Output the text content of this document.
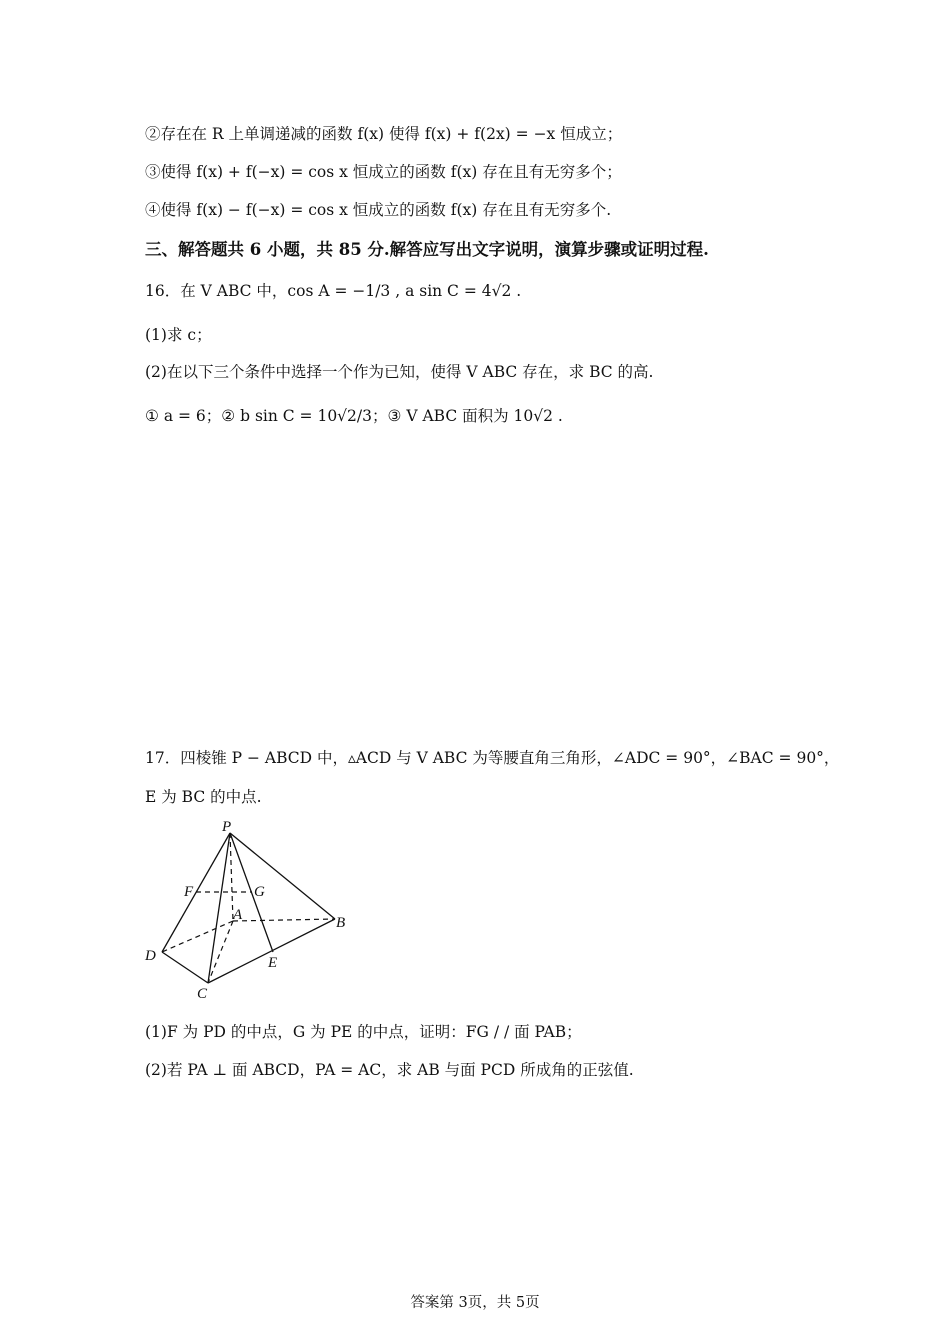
②存在在 R 上单调递减的函数 f(x) 使得 f(x) + f(2x) = −x 恒成立；
③使得 f(x) + f(−x) = cos x 恒成立的函数 f(x) 存在且有无穷多个；
④使得 f(x) − f(−x) = cos x 恒成立的函数 f(x) 存在且有无穷多个.
三、解答题共 6 小题，共 85 分.解答应写出文字说明，演算步骤或证明过程.
16．在 V ABC 中，cos A = −1/3 , a sin C = 4√2 .
(1)求 c；
(2)在以下三个条件中选择一个作为已知，使得 V ABC 存在，求 BC 的高.
① a = 6；② b sin C = 10√2/3；③ V ABC 面积为 10√2 .
17．四棱锥 P − ABCD 中，▵ACD 与 V ABC 为等腰直角三角形，∠ADC = 90°，∠BAC = 90°，
E 为 BC 的中点.
P
F	G
A	B
D	E
C
(1)F 为 PD 的中点，G 为 PE 的中点，证明：FG / / 面 PAB；
(2)若 PA ⊥ 面 ABCD，PA = AC，求 AB 与面 PCD 所成角的正弦值.
答案第 3页，共 5页
